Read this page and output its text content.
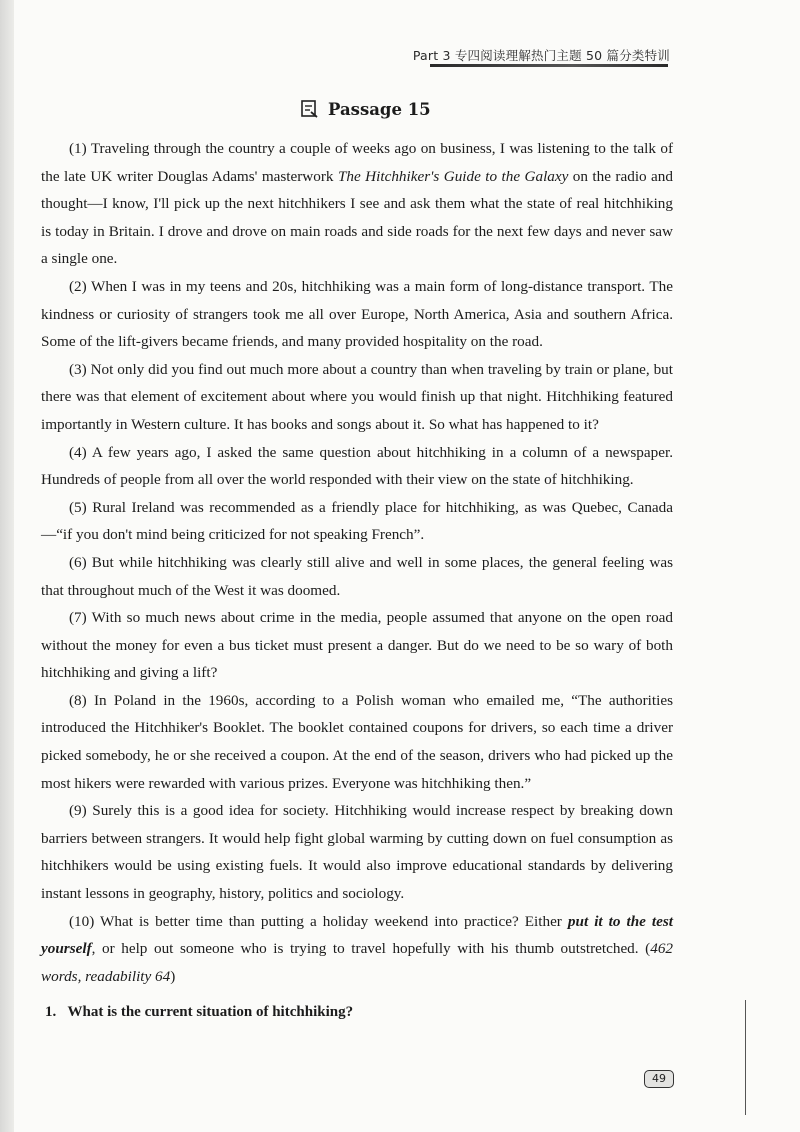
Part 3 专四阅读理解热门主题 50 篇分类特训
Passage 15

(1) Traveling through the country a couple of weeks ago on business, I was listening to the talk of the late UK writer Douglas Adams' masterwork The Hitchhiker's Guide to the Galaxy on the radio and thought—I know, I'll pick up the next hitchhikers I see and ask them what the state of real hitchhiking is today in Britain. I drove and drove on main roads and side roads for the next few days and never saw a single one.

(2) When I was in my teens and 20s, hitchhiking was a main form of long-distance transport. The kindness or curiosity of strangers took me all over Europe, North America, Asia and southern Africa. Some of the lift-givers became friends, and many provided hospitality on the road.

(3) Not only did you find out much more about a country than when traveling by train or plane, but there was that element of excitement about where you would finish up that night. Hitchhiking featured importantly in Western culture. It has books and songs about it. So what has happened to it?

(4) A few years ago, I asked the same question about hitchhiking in a column of a newspaper. Hundreds of people from all over the world responded with their view on the state of hitchhiking.

(5) Rural Ireland was recommended as a friendly place for hitchhiking, as was Quebec, Canada—“if you don't mind being criticized for not speaking French”.

(6) But while hitchhiking was clearly still alive and well in some places, the general feeling was that throughout much of the West it was doomed.

(7) With so much news about crime in the media, people assumed that anyone on the open road without the money for even a bus ticket must present a danger. But do we need to be so wary of both hitchhiking and giving a lift?

(8) In Poland in the 1960s, according to a Polish woman who emailed me, “The authorities introduced the Hitchhiker's Booklet. The booklet contained coupons for drivers, so each time a driver picked somebody, he or she received a coupon. At the end of the season, drivers who had picked up the most hikers were rewarded with various prizes. Everyone was hitchhiking then.”

(9) Surely this is a good idea for society. Hitchhiking would increase respect by breaking down barriers between strangers. It would help fight global warming by cutting down on fuel consumption as hitchhikers would be using existing fuels. It would also improve educational standards by delivering instant lessons in geography, history, politics and sociology.

(10) What is better time than putting a holiday weekend into practice? Either put it to the test yourself, or help out someone who is trying to travel hopefully with his thumb outstretched. (462 words, readability 64)

1. What is the current situation of hitchhiking?
49
